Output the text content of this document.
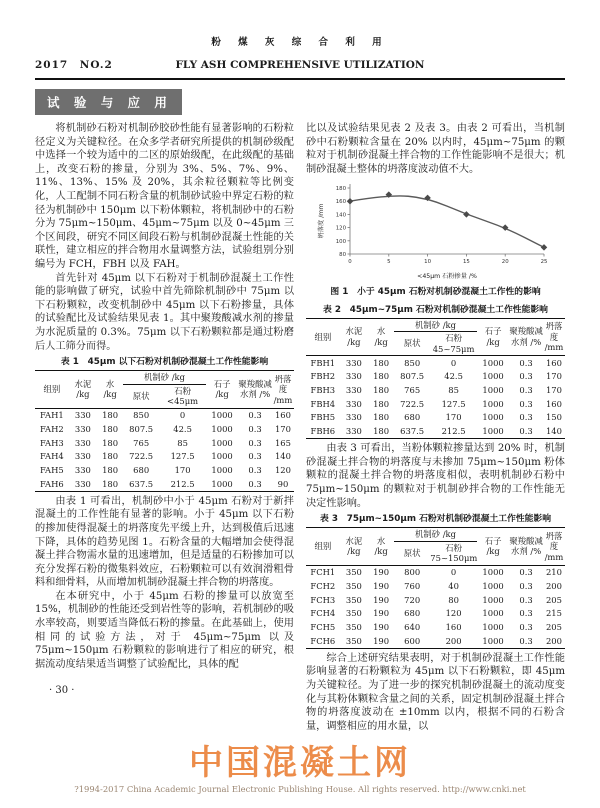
粉 煤 灰 综 合 利 用
2017　NO.2	FLY ASH COMPREHENSIVE UTILIZATION
试 验 与 应 用

将机制砂石粉对机制砂胶砂性能有显著影响的石粉粒径定义为关键粒径。在众多学者研究所提供的机制砂级配中选择一个较为适中的二区的原始级配，在此级配的基础上，改变石粉的掺量，分别为 3%、5%、7%、9%、11%、13%、15% 及 20%，其余粒径颗粒等比例变化，人工配制不同石粉含量的机制砂试验中界定石粉的粒径为机制砂中 150μm 以下粉体颗粒，将机制砂中的石粉分为 75μm~150μm、45μm~75μm 以及 0~45μm 三个区间段，研究不同区间段石粉与机制砂混凝土性能的关联性，建立相应的拌合物用水量调整方法，试验组别分别编号为 FCH，FBH 以及 FAH。

首先针对 45μm 以下石粉对于机制砂混凝土工作性能的影响做了研究，试验中首先筛除机制砂中 75μm 以下石粉颗粒，改变机制砂中 45μm 以下石粉掺量，具体的试验配比及试验结果见表 1。其中聚羧酸减水剂的掺量为水泥质量的 0.3%。75μm 以下石粉颗粒都是通过粉磨后人工筛分而得。

表 1　45μm 以下石粉对机制砂混凝土工作性能影响
组别	水泥
/kg	水
/kg	机制砂 /kg		石子
/kg	聚羧酸减
水剂 /%	坍落度
/mm
			原状	石粉
<45μm			
FAH1	330	180	850	0	1000	0.3	160
FAH2	330	180	807.5	42.5	1000	0.3	170
FAH3	330	180	765	85	1000	0.3	165
FAH4	330	180	722.5	127.5	1000	0.3	140
FAH5	330	180	680	170	1000	0.3	120
FAH6	330	180	637.5	212.5	1000	0.3	90

由表 1 可看出，机制砂中小于 45μm 石粉对于新拌混凝土的工作性能有显著的影响。小于 45μm 以下石粉的掺加使得混凝土的坍落度先平缓上升，达到极值后迅速下降，具体的趋势见图 1。石粉含量的大幅增加会使得混凝土拌合物需水量的迅速增加，但是适量的石粉掺加可以充分发挥石粉的微集料效应，石粉颗粒可以有效润滑粗骨料和细骨料，从而增加机制砂混凝土拌合物的坍落度。

在本研究中，小于 45μm 石粉的掺量可以放宽至 15%，机制砂的性能还受到岩性等的影响，若机制砂的吸水率较高，则要适当降低石粉的掺量。在此基础上，使用相同的试验方法，对于 45μm~75μm 以及 75μm~150μm 石粉颗粒的影响进行了相应的研究，根据流动度结果适当调整了试验配比，具体的配

· 30 ·

比以及试验结果见表 2 及表 3。由表 2 可看出，当机制砂中石粉颗粒含量在 20% 以内时，45μm~75μm 的颗粒对于机制砂混凝土拌合物的工作性能影响不是很大；机制砂混凝土整体的坍落度波动值不大。

80
100
120
140
160
180
0	5	10	15	20	25
<45μm 石粉掺量 /%
坍落度 /mm
图 1　小于 45μm 石粉对机制砂混凝土工作性的影响
表 2　45μm~75μm 石粉对机制砂混凝土工作性能影响
组别	水泥
/kg	水
/kg	机制砂 /kg		石子
/kg	聚羧酸减
水剂 /%	坍落度
/mm
			原状	石粉
45~75μm			
FBH1	330	180	850	0	1000	0.3	160
FBH2	330	180	807.5	42.5	1000	0.3	170
FBH3	330	180	765	85	1000	0.3	170
FBH4	330	180	722.5	127.5	1000	0.3	160
FBH5	330	180	680	170	1000	0.3	150
FBH6	330	180	637.5	212.5	1000	0.3	140

由表 3 可看出，当粉体颗粒掺量达到 20% 时，机制砂混凝土拌合物的坍落度与未掺加 75μm~150μm 粉体颗粒的混凝土拌合物的坍落度相似，表明机制砂石粉中 75μm~150μm 的颗粒对于机制砂拌合物的工作性能无决定性影响。

表 3　75μm~150μm 石粉对机制砂混凝土工作性能影响
组别	水泥
/kg	水
/kg	机制砂 /kg		石子
/kg	聚羧酸减
水剂 /%	坍落度
/mm
			原状	石粉
75~150μm			
FCH1	350	190	800	0	1000	0.3	210
FCH2	350	190	760	40	1000	0.3	200
FCH3	350	190	720	80	1000	0.3	205
FCH4	350	190	680	120	1000	0.3	215
FCH5	350	190	640	160	1000	0.3	205
FCH6	350	190	600	200	1000	0.3	200

综合上述研究结果表明，对于机制砂混凝土工作性能影响显著的石粉颗粒为 45μm 以下石粉颗粒，即 45μm 为关键粒径。为了进一步的探究机制砂混凝土的流动度变化与其粉体颗粒含量之间的关系，固定机制砂混凝土拌合物的坍落度波动在 ±10mm 以内，根据不同的石粉含量，调整相应的用水量，以

中国混凝土网
?1994-2017 China Academic Journal Electronic Publishing House. All rights reserved. http://www.cnki.net
